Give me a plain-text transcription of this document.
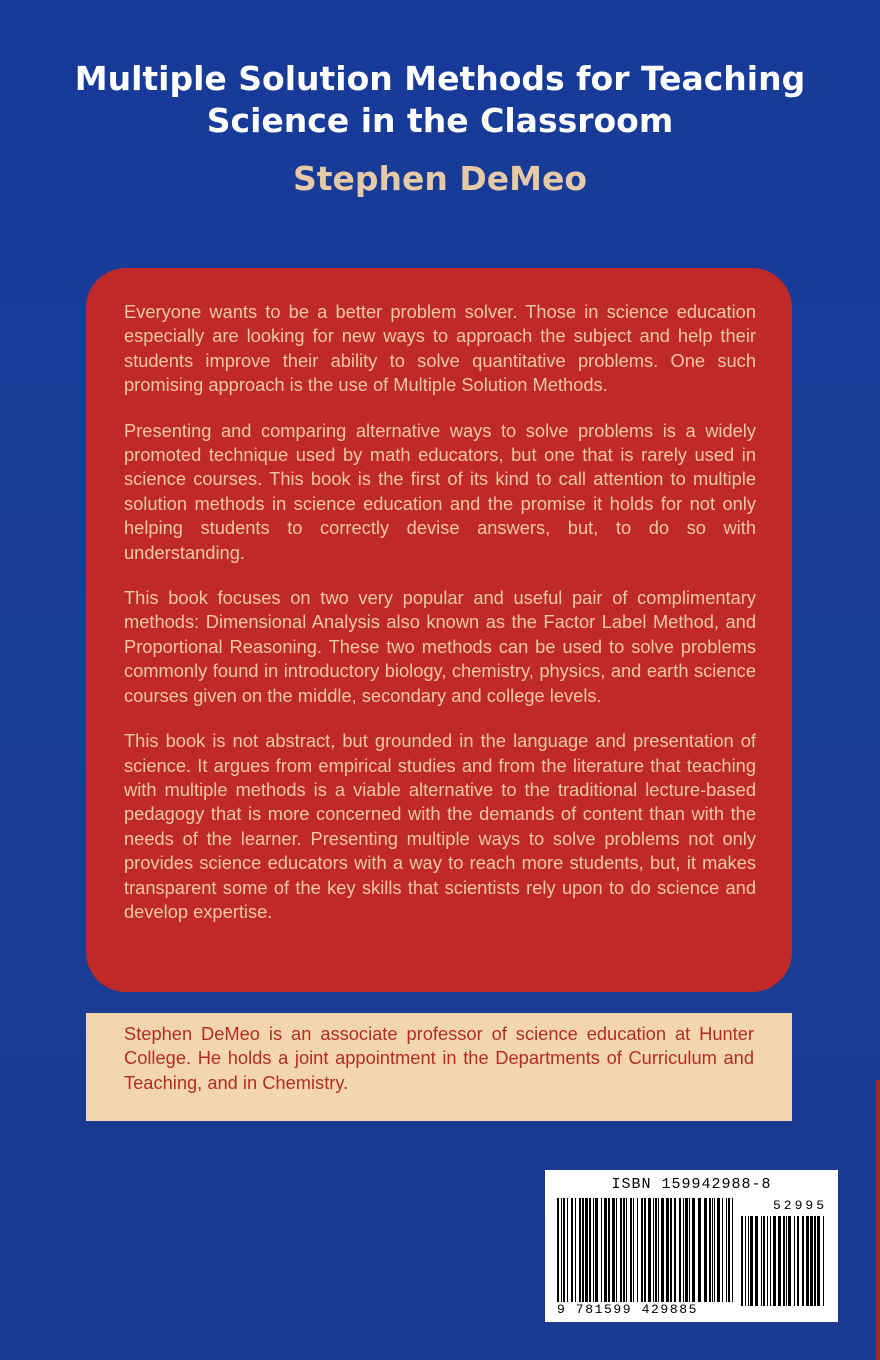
Multiple Solution Methods for Teaching
Science in the Classroom
Stephen DeMeo

Everyone wants to be a better problem solver. Those in science education especially are looking for new ways to approach the subject and help their students improve their ability to solve quantitative problems. One such promising approach is the use of Multiple Solution Methods.

Presenting and comparing alternative ways to solve problems is a widely promoted technique used by math educators, but one that is rarely used in science courses. This book is the first of its kind to call attention to multiple solution methods in science education and the promise it holds for not only helping students to correctly devise answers, but, to do so with understanding.

This book focuses on two very popular and useful pair of complimentary methods: Dimensional Analysis also known as the Factor Label Method, and Proportional Reasoning. These two methods can be used to solve problems commonly found in introductory biology, chemistry, physics, and earth science courses given on the middle, secondary and college levels.

This book is not abstract, but grounded in the language and presentation of science. It argues from empirical studies and from the literature that teaching with multiple methods is a viable alternative to the traditional lecture-based pedagogy that is more concerned with the demands of content than with the needs of the learner. Presenting multiple ways to solve problems not only provides science educators with a way to reach more students, but, it makes transparent some of the key skills that scientists rely upon to do science and develop expertise.

Stephen DeMeo is an associate professor of science education at Hunter College. He holds a joint appointment in the Departments of Curriculum and Teaching, and in Chemistry.

ISBN 159942988-8
52995
9 781599 429885
